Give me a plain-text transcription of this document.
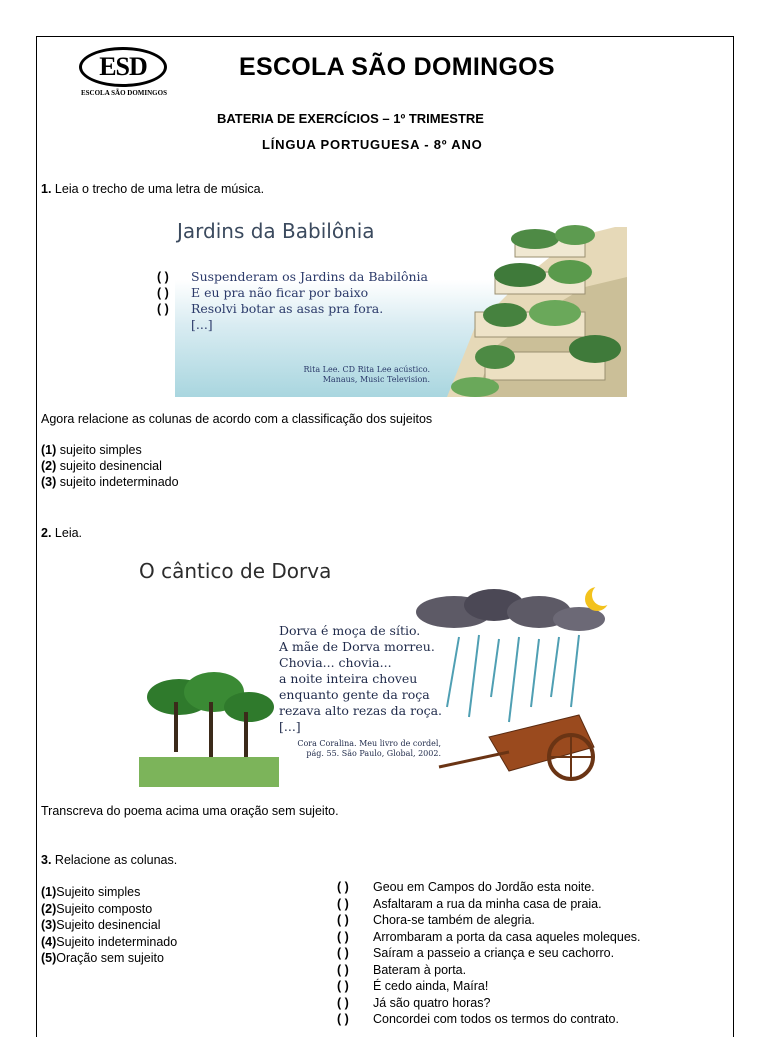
ESD
ESCOLA SÃO DOMINGOS
ESCOLA SÃO DOMINGOS
BATERIA DE EXERCÍCIOS – 1º TRIMESTRE
LÍNGUA PORTUGUESA - 8º ANO
1. Leia o trecho de uma letra de música.
Jardins da Babilônia
( ) Suspenderam os Jardins da Babilônia
( ) E eu pra não ficar por baixo
( ) Resolvi botar as asas pra fora.
[...]
Rita Lee. CD Rita Lee acústico.
Manaus, Music Television.
Agora relacione as colunas de acordo com a classificação dos sujeitos
(1) sujeito simples
(2) sujeito desinencial
(3) sujeito indeterminado
2. Leia.
O cântico de Dorva
Dorva é moça de sítio.
A mãe de Dorva morreu.
Chovia... chovia...
a noite inteira choveu
enquanto gente da roça
rezava alto rezas da roça.
[...]
Cora Coralina. Meu livro de cordel,
pág. 55. São Paulo, Global, 2002.
Transcreva do poema acima uma oração sem sujeito.
3. Relacione as colunas.
(1)Sujeito simples
(2)Sujeito composto
(3)Sujeito desinencial
(4)Sujeito indeterminado
(5)Oração sem sujeito
( ) Geou em Campos do Jordão esta noite.
( ) Asfaltaram a rua da minha casa de praia.
( ) Chora-se também de alegria.
( ) Arrombaram a porta da casa aqueles moleques.
( ) Saíram a passeio a criança e seu cachorro.
( ) Bateram à porta.
( ) É cedo ainda, Maíra!
( ) Já são quatro horas?
( ) Concordei com todos os termos do contrato.
